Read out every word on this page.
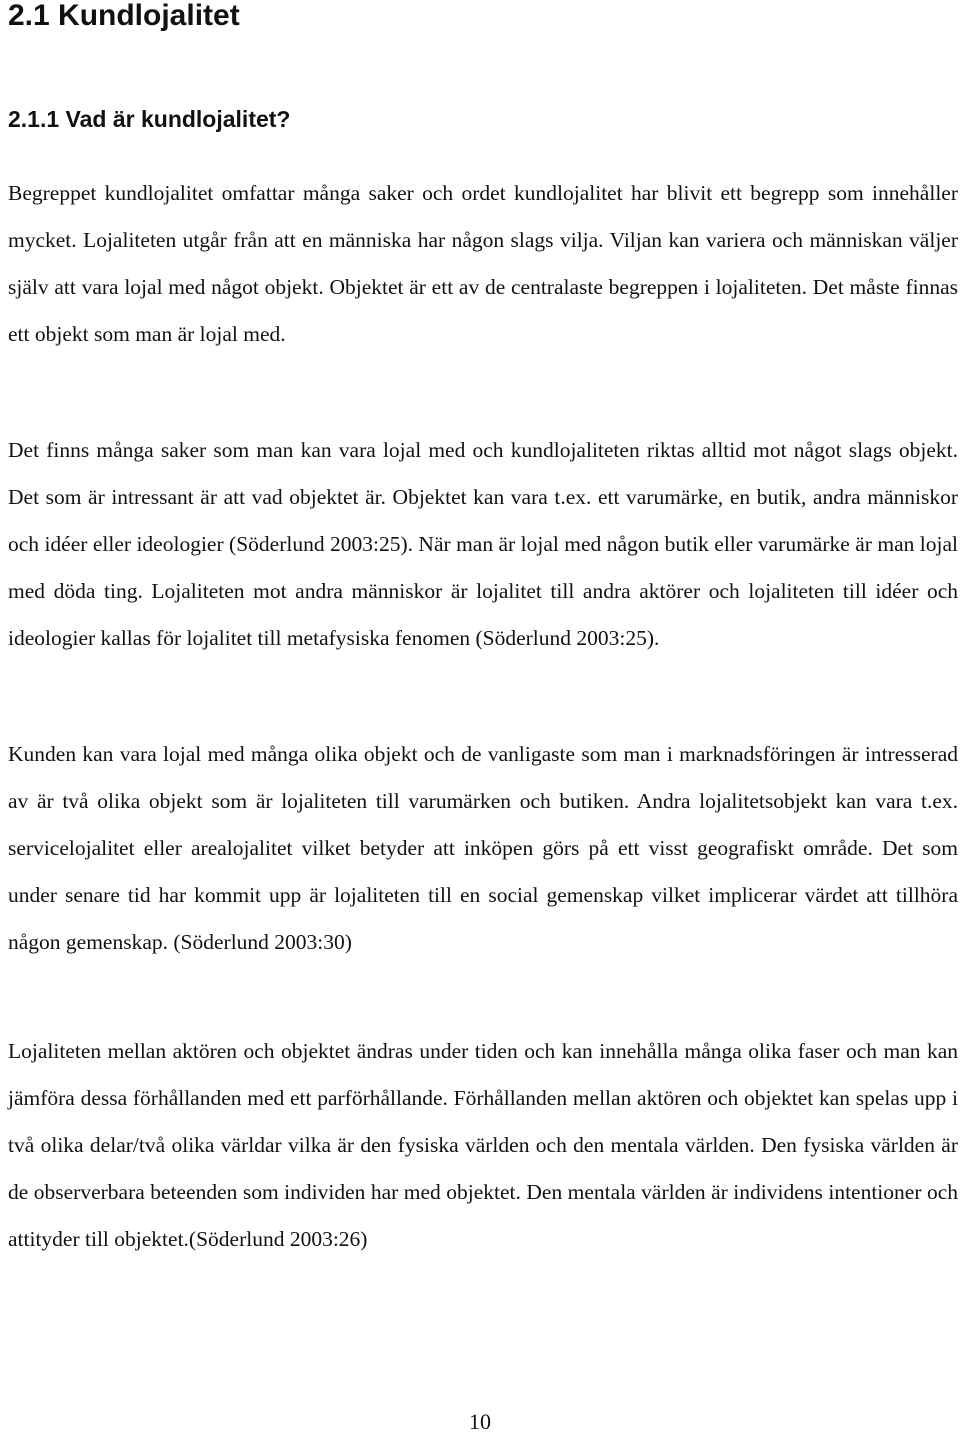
2.1 Kundlojalitet
2.1.1 Vad är kundlojalitet?

Begreppet kundlojalitet omfattar många saker och ordet kundlojalitet har blivit ett begrepp som innehåller mycket. Lojaliteten utgår från att en människa har någon slags vilja. Viljan kan variera och människan väljer själv att vara lojal med något objekt. Objektet är ett av de centralaste begreppen i lojaliteten. Det måste finnas ett objekt som man är lojal med.

Det finns många saker som man kan vara lojal med och kundlojaliteten riktas alltid mot något slags objekt. Det som är intressant är att vad objektet är. Objektet kan vara t.ex. ett varumärke, en butik, andra människor och idéer eller ideologier (Söderlund 2003:25). När man är lojal med någon butik eller varumärke är man lojal med döda ting. Lojaliteten mot andra människor är lojalitet till andra aktörer och lojaliteten till idéer och ideologier kallas för lojalitet till metafysiska fenomen (Söderlund 2003:25).

Kunden kan vara lojal med många olika objekt och de vanligaste som man i marknadsföringen är intresserad av är två olika objekt som är lojaliteten till varumärken och butiken. Andra lojalitetsobjekt kan vara t.ex. servicelojalitet eller arealojalitet vilket betyder att inköpen görs på ett visst geografiskt område. Det som under senare tid har kommit upp är lojaliteten till en social gemenskap vilket implicerar värdet att tillhöra någon gemenskap. (Söderlund 2003:30)

Lojaliteten mellan aktören och objektet ändras under tiden och kan innehålla många olika faser och man kan jämföra dessa förhållanden med ett parförhållande. Förhållanden mellan aktören och objektet kan spelas upp i två olika delar/två olika världar vilka är den fysiska världen och den mentala världen. Den fysiska världen är de observerbara beteenden som individen har med objektet. Den mentala världen är individens intentioner och attityder till objektet.(Söderlund 2003:26)

10
